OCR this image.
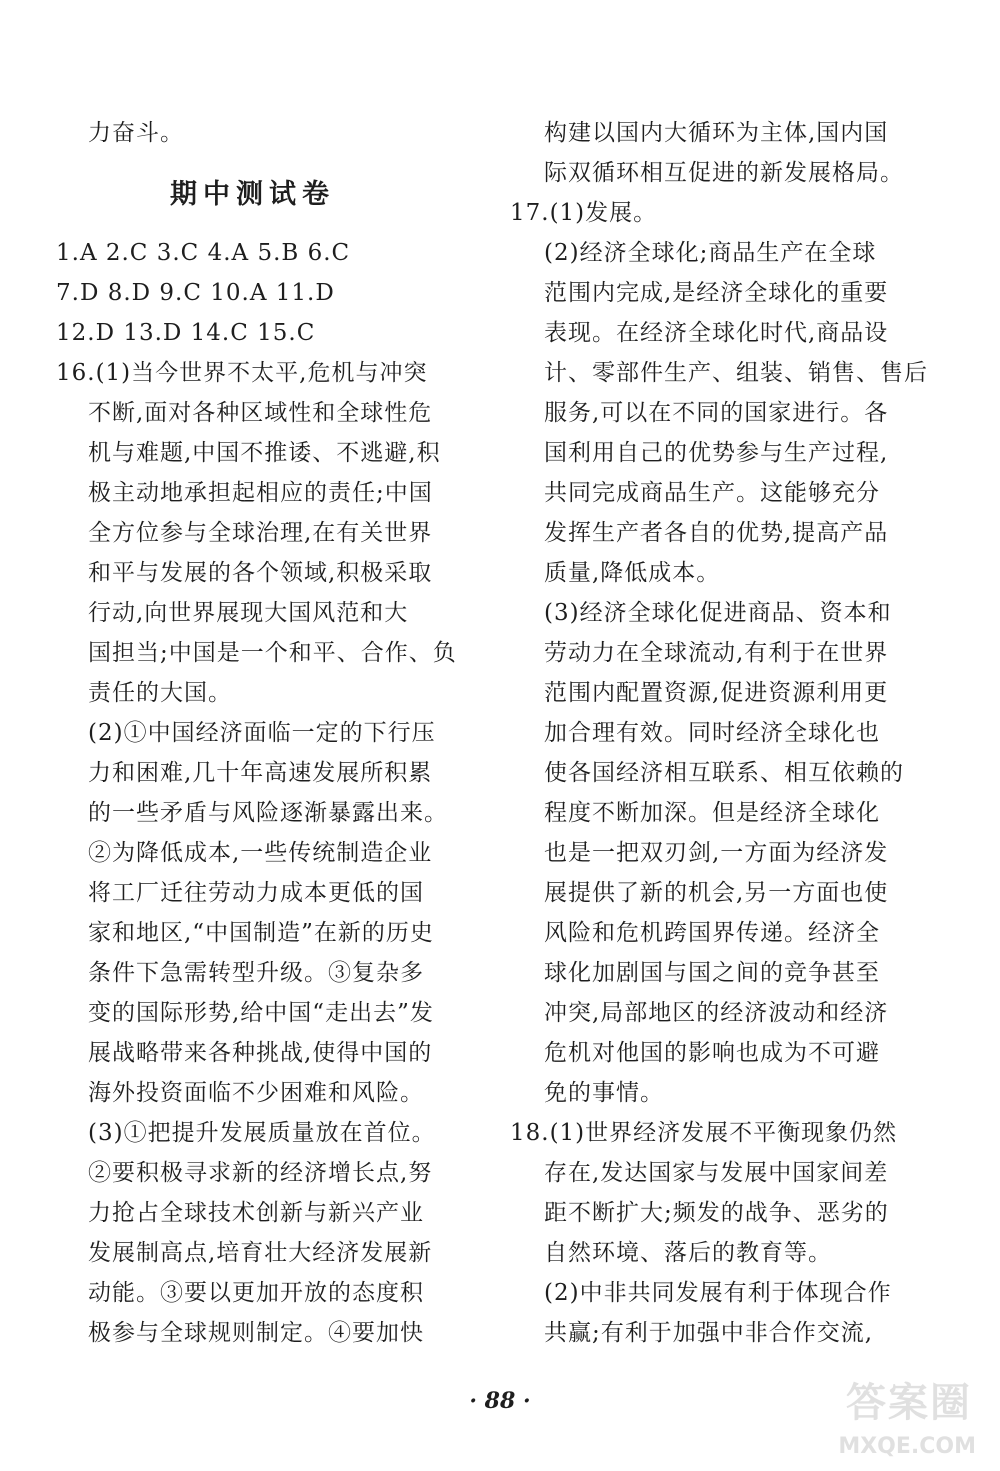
力奋斗。
期中测试卷
1.A 2.C 3.C 4.A 5.B 6.C
7.D 8.D 9.C 10.A 11.D
12.D 13.D 14.C 15.C
16.(1)当今世界不太平,危机与冲突
不断,面对各种区域性和全球性危
机与难题,中国不推诿、不逃避,积
极主动地承担起相应的责任;中国
全方位参与全球治理,在有关世界
和平与发展的各个领域,积极采取
行动,向世界展现大国风范和大
国担当;中国是一个和平、合作、负
责任的大国。
(2)①中国经济面临一定的下行压
力和困难,几十年高速发展所积累
的一些矛盾与风险逐渐暴露出来。
②为降低成本,一些传统制造企业
将工厂迁往劳动力成本更低的国
家和地区,“中国制造”在新的历史
条件下急需转型升级。③复杂多
变的国际形势,给中国“走出去”发
展战略带来各种挑战,使得中国的
海外投资面临不少困难和风险。
(3)①把提升发展质量放在首位。
②要积极寻求新的经济增长点,努
力抢占全球技术创新与新兴产业
发展制高点,培育壮大经济发展新
动能。③要以更加开放的态度积
极参与全球规则制定。④要加快
构建以国内大循环为主体,国内国
际双循环相互促进的新发展格局。
17.(1)发展。
(2)经济全球化;商品生产在全球
范围内完成,是经济全球化的重要
表现。在经济全球化时代,商品设
计、零部件生产、组装、销售、售后
服务,可以在不同的国家进行。各
国利用自己的优势参与生产过程,
共同完成商品生产。这能够充分
发挥生产者各自的优势,提高产品
质量,降低成本。
(3)经济全球化促进商品、资本和
劳动力在全球流动,有利于在世界
范围内配置资源,促进资源利用更
加合理有效。同时经济全球化也
使各国经济相互联系、相互依赖的
程度不断加深。但是经济全球化
也是一把双刃剑,一方面为经济发
展提供了新的机会,另一方面也使
风险和危机跨国界传递。经济全
球化加剧国与国之间的竞争甚至
冲突,局部地区的经济波动和经济
危机对他国的影响也成为不可避
免的事情。
18.(1)世界经济发展不平衡现象仍然
存在,发达国家与发展中国家间差
距不断扩大;频发的战争、恶劣的
自然环境、落后的教育等。
(2)中非共同发展有利于体现合作
共赢;有利于加强中非合作交流,
· 88 ·	答案圈
MXQE.COM
